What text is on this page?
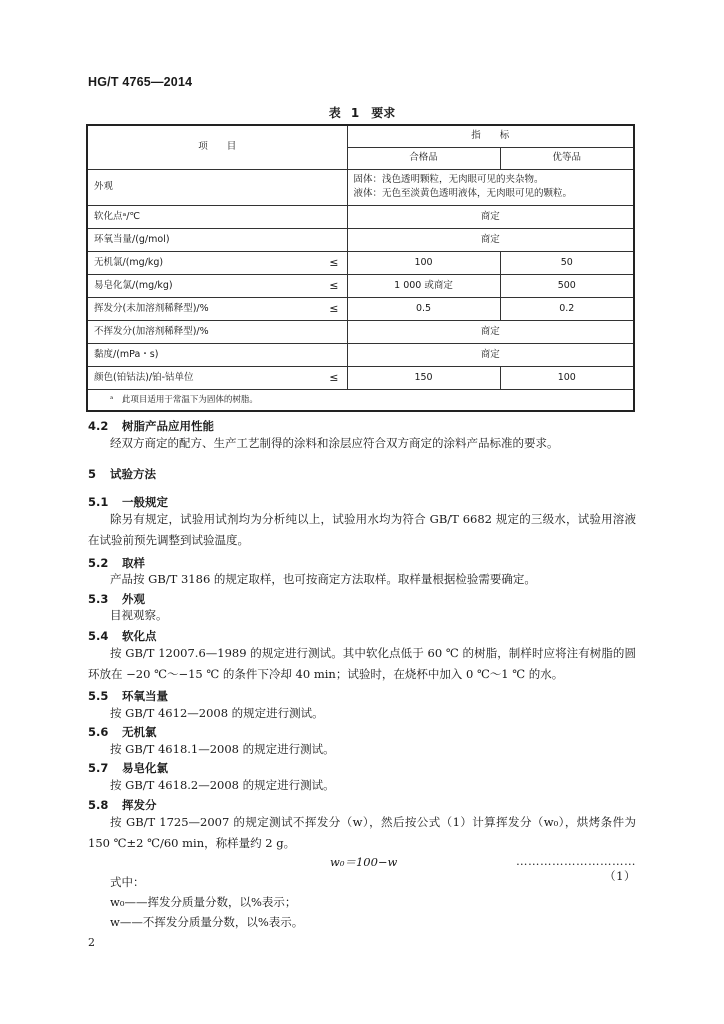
HG/T 4765—2014
表 1　要求
项　　目		指　　标	
		合格品	优等品
外观		固体：浅色透明颗粒，无肉眼可见的夹杂物。
液体：无色至淡黄色透明液体，无肉眼可见的颗粒。	

软化点ᵃ/℃		商定	
环氧当量/(g/mol)		商定	
无机氯/(mg/kg)	≤	100	50
易皂化氯/(mg/kg)	≤	1 000 或商定	500
挥发分(未加溶剂稀释型)/%	≤	0.5	0.2
不挥发分(加溶剂稀释型)/%		商定	
黏度/(mPa・s)		商定	
颜色(铂钴法)/铂-钴单位	≤	150	100
ᵃ　此项目适用于常温下为固体的树脂。			
4.2 树脂产品应用性能
经双方商定的配方、生产工艺制得的涂料和涂层应符合双方商定的涂料产品标准的要求。
5 试验方法
5.1 一般规定
除另有规定，试验用试剂均为分析纯以上，试验用水均为符合 GB/T 6682 规定的三级水，试验用溶液在试验前预先调整到试验温度。
5.2 取样
产品按 GB/T 3186 的规定取样，也可按商定方法取样。取样量根据检验需要确定。
5.3 外观
目视观察。
5.4 软化点
按 GB/T 12007.6—1989 的规定进行测试。其中软化点低于 60 ℃ 的树脂，制样时应将注有树脂的圆环放在 −20 ℃～−15 ℃ 的条件下冷却 40 min；试验时，在烧杯中加入 0 ℃～1 ℃ 的水。
5.5 环氧当量
按 GB/T 4612—2008 的规定进行测试。
5.6 无机氯
按 GB/T 4618.1—2008 的规定进行测试。
5.7 易皂化氯
按 GB/T 4618.2—2008 的规定进行测试。
5.8 挥发分
按 GB/T 1725—2007 的规定测试不挥发分（w），然后按公式（1）计算挥发分（w₀），烘烤条件为 150 ℃±2 ℃/60 min，称样量约 2 g。
w₀＝100−w	…………………………（1）
式中：
w₀——挥发分质量分数，以%表示；
w——不挥发分质量分数，以%表示。
2
